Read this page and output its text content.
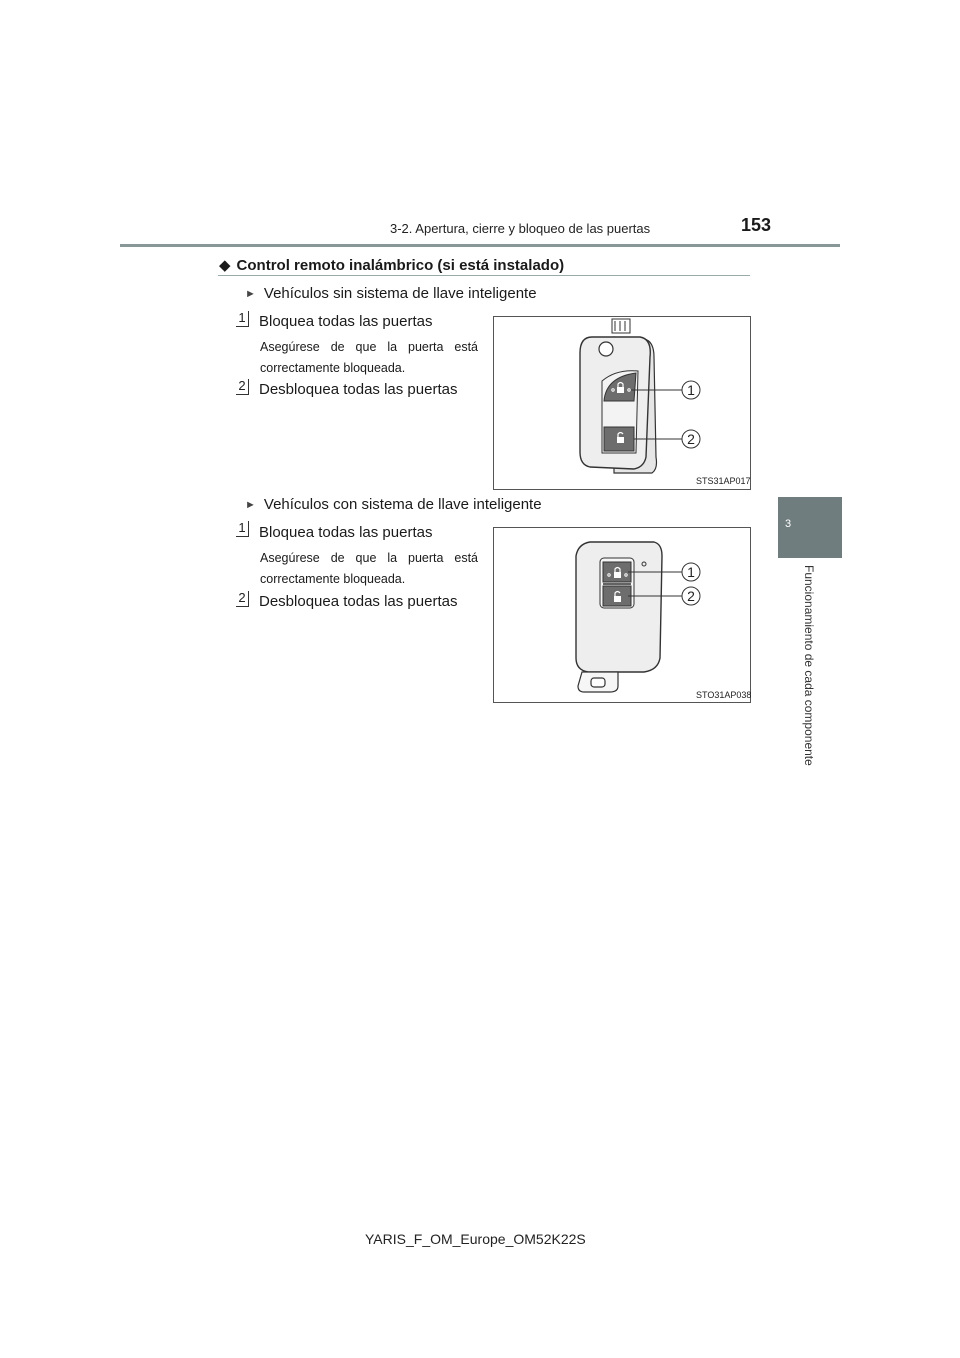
3-2. Apertura, cierre y bloqueo de las puertas	153
3
Funcionamiento de cada componente
◆ Control remoto inalámbrico (si está instalado)
► Vehículos sin sistema de llave inteligente
1 Bloquea todas las puertas
Asegúrese de que la puerta está correctamente bloqueada.
2 Desbloquea todas las puertas	1
2
STS31AP017
► Vehículos con sistema de llave inteligente
1 Bloquea todas las puertas
Asegúrese de que la puerta está correctamente bloqueada.
2 Desbloquea todas las puertas
1
2
STO31AP038
YARIS_F_OM_Europe_OM52K22S
